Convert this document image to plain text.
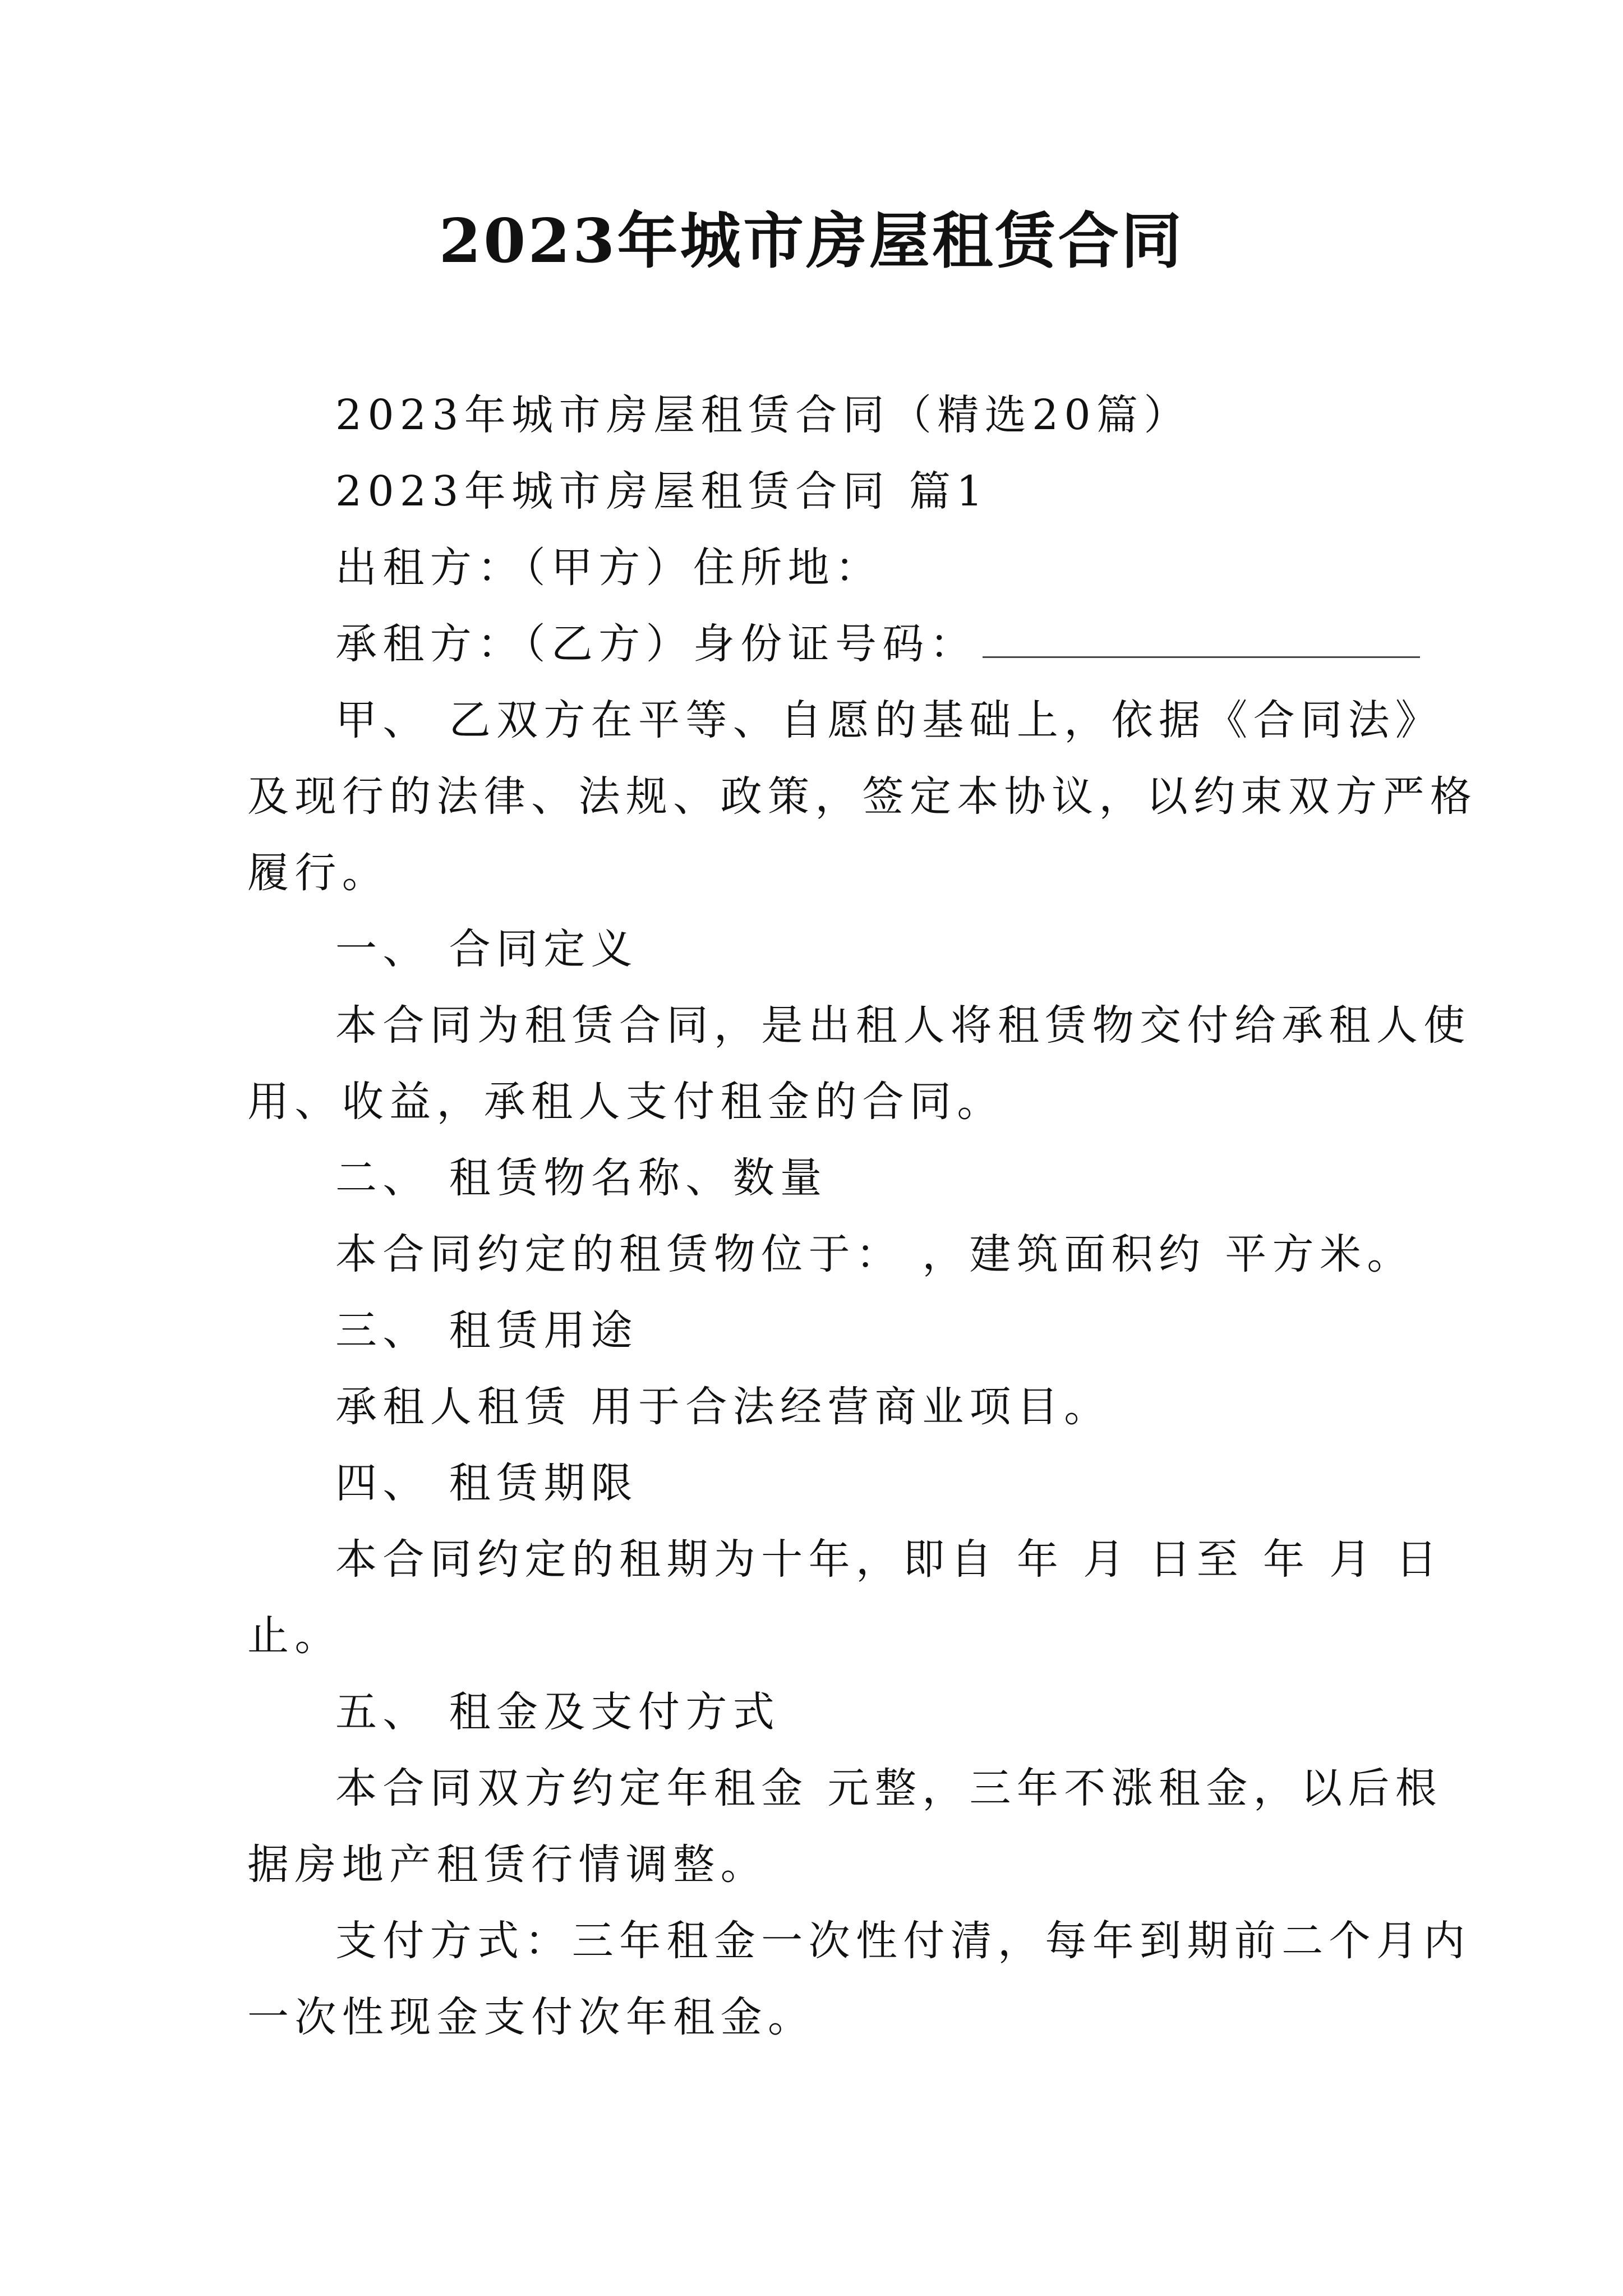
2023年城市房屋租赁合同
2023年城市房屋租赁合同（精选20篇）
2023年城市房屋租赁合同 篇1
出租方：（甲方）住所地：
承租方：（乙方）身份证号码：
甲、 乙双方在平等、自愿的基础上，依据《合同法》
及现行的法律、法规、政策，签定本协议，以约束双方严格
履行。
一、 合同定义
本合同为租赁合同，是出租人将租赁物交付给承租人使
用、收益，承租人支付租金的合同。
二、 租赁物名称、数量
本合同约定的租赁物位于： ，建筑面积约 平方米。
三、 租赁用途
承租人租赁 用于合法经营商业项目。
四、 租赁期限
本合同约定的租期为十年，即自 年 月 日至 年 月 日
止。
五、 租金及支付方式
本合同双方约定年租金 元整，三年不涨租金，以后根
据房地产租赁行情调整。
支付方式：三年租金一次性付清，每年到期前二个月内
一次性现金支付次年租金。
